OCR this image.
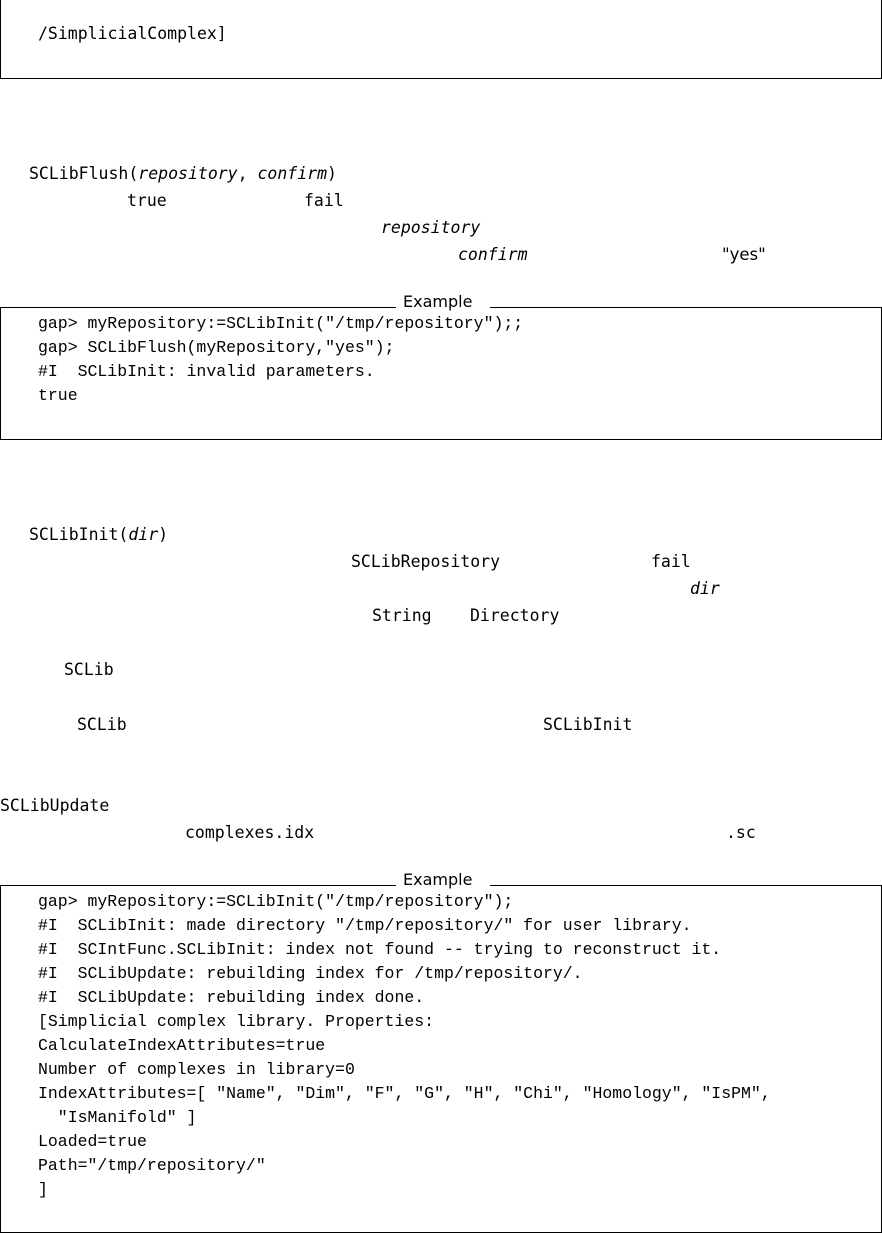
/SimplicialComplex]
SCLibFlush(repository, confirm)
true	fail
repository
confirm	"yes"
Example
gap> myRepository:=SCLibInit("/tmp/repository");;
gap> SCLibFlush(myRepository,"yes");
#I  SCLibInit: invalid parameters.
true
SCLibInit(dir)
SCLibRepository	fail
dir
String Directory
SCLib
SCLib	SCLibInit
SCLibUpdate
complexes.idx	.sc
Example
gap> myRepository:=SCLibInit("/tmp/repository");
#I  SCLibInit: made directory "/tmp/repository/" for user library.
#I  SCIntFunc.SCLibInit: index not found -- trying to reconstruct it.
#I  SCLibUpdate: rebuilding index for /tmp/repository/.
#I  SCLibUpdate: rebuilding index done.
[Simplicial complex library. Properties:
CalculateIndexAttributes=true
Number of complexes in library=0
IndexAttributes=[ "Name", "Dim", "F", "G", "H", "Chi", "Homology", "IsPM",
"IsManifold" ]
Loaded=true
Path="/tmp/repository/"
]
